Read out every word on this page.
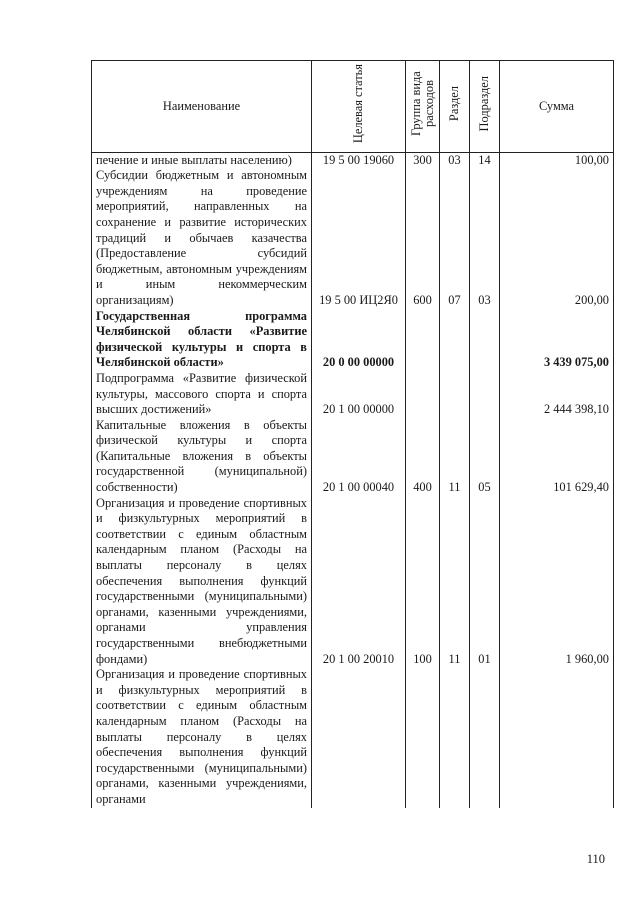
Наименование	Целевая статья	Группа вида расходов	Раздел	Подраздел	Сумма
печение и иные выплаты населению)	19 5 00 19060	300	03	14	100,00
Субсидии бюджетным и автономным учреждениям на проведение мероприятий, направленных на сохранение и развитие исторических традиций и обычаев казачества (Предоставление субсидий бюджетным, автономным учреждениям и иным некоммерческим организациям)	19 5 00 ИЦ2Я0	600	07	03	200,00
Государственная программа Челябинской области «Развитие физической культуры и спорта в Челябинской области»	20 0 00 00000				3 439 075,00
Подпрограмма «Развитие физической культуры, массового спорта и спорта высших достижений»	20 1 00 00000				2 444 398,10
Капитальные вложения в объекты физической культуры и спорта (Капитальные вложения в объекты государственной (муниципальной) собственности)	20 1 00 00040	400	11	05	101 629,40
Организация и проведение спортивных и физкультурных мероприятий в соответствии с единым областным календарным планом (Расходы на выплаты персоналу в целях обеспечения выполнения функций государственными (муниципальными) органами, казенными учреждениями, органами управления государственными внебюджетными фондами)	20 1 00 20010	100	11	01	1 960,00
Организация и проведение спортивных и физкультурных мероприятий в соответствии с единым областным календарным планом (Расходы на выплаты персоналу в целях обеспечения выполнения функций государственными (муниципальными) органами, казенными учреждениями, органами					
110
